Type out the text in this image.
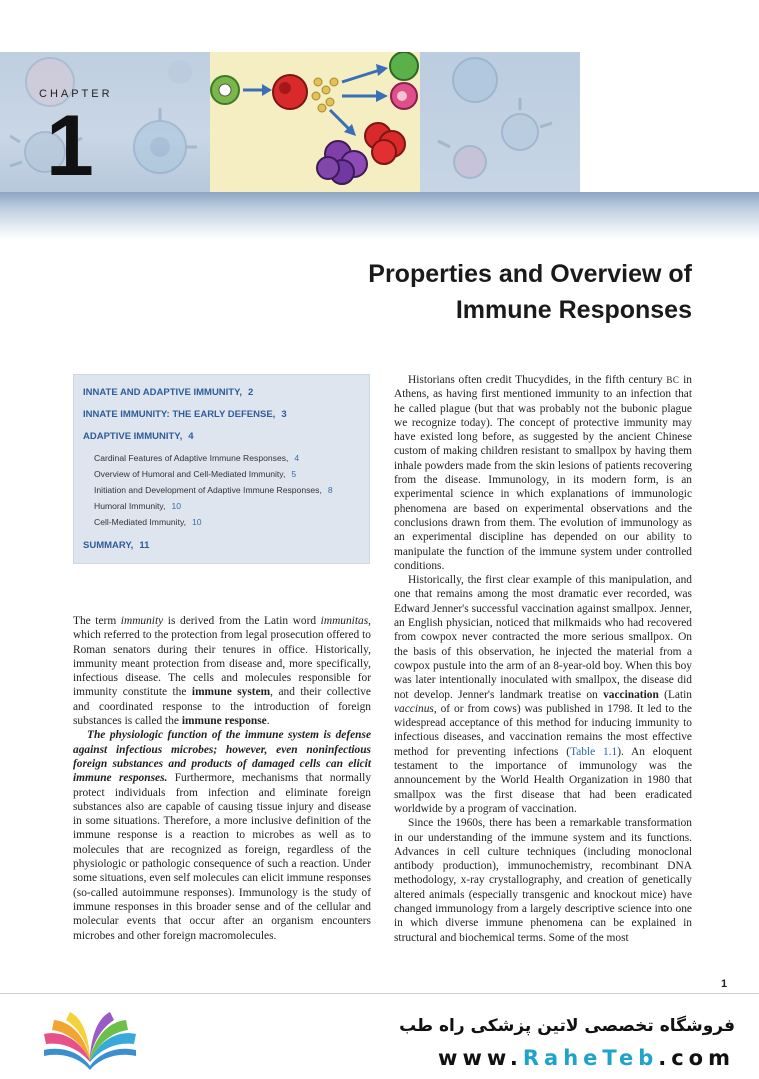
CHAPTER
1
Properties and Overview of
Immune Responses
INNATE AND ADAPTIVE IMMUNITY, 2
INNATE IMMUNITY: THE EARLY DEFENSE, 3
ADAPTIVE IMMUNITY, 4
Cardinal Features of Adaptive Immune Responses, 4
Overview of Humoral and Cell-Mediated Immunity, 5
Initiation and Development of Adaptive Immune Responses, 8
Humoral Immunity, 10
Cell-Mediated Immunity, 10
SUMMARY, 11

The term immunity is derived from the Latin word immunitas, which referred to the protection from legal prosecution offered to Roman senators during their tenures in office. Historically, immunity meant protection from disease and, more specifically, infectious disease. The cells and molecules responsible for immunity constitute the immune system, and their collective and coordinated response to the introduction of foreign substances is called the immune response.

The physiologic function of the immune system is defense against infectious microbes; however, even noninfectious foreign substances and products of damaged cells can elicit immune responses. Furthermore, mechanisms that normally protect individuals from infection and eliminate foreign substances also are capable of causing tissue injury and disease in some situations. Therefore, a more inclusive definition of the immune response is a reaction to microbes as well as to molecules that are recognized as foreign, regardless of the physiologic or pathologic consequence of such a reaction. Under some situations, even self molecules can elicit immune responses (so-called autoimmune responses). Immunology is the study of immune responses in this broader sense and of the cellular and molecular events that occur after an organism encounters microbes and other foreign macromolecules.

Historians often credit Thucydides, in the fifth century BC in Athens, as having first mentioned immunity to an infection that he called plague (but that was probably not the bubonic plague we recognize today). The concept of protective immunity may have existed long before, as suggested by the ancient Chinese custom of making children resistant to smallpox by having them inhale powders made from the skin lesions of patients recovering from the disease. Immunology, in its modern form, is an experimental science in which explanations of immunologic phenomena are based on experimental observations and the conclusions drawn from them. The evolution of immunology as an experimental discipline has depended on our ability to manipulate the function of the immune system under controlled conditions.

Historically, the first clear example of this manipulation, and one that remains among the most dramatic ever recorded, was Edward Jenner's successful vaccination against smallpox. Jenner, an English physician, noticed that milkmaids who had recovered from cowpox never contracted the more serious smallpox. On the basis of this observation, he injected the material from a cowpox pustule into the arm of an 8-year-old boy. When this boy was later intentionally inoculated with smallpox, the disease did not develop. Jenner's landmark treatise on vaccination (Latin vaccinus, of or from cows) was published in 1798. It led to the widespread acceptance of this method for inducing immunity to infectious diseases, and vaccination remains the most effective method for preventing infections (Table 1.1). An eloquent testament to the importance of immunology was the announcement by the World Health Organization in 1980 that smallpox was the first disease that had been eradicated worldwide by a program of vaccination.

Since the 1960s, there has been a remarkable transformation in our understanding of the immune system and its functions. Advances in cell culture techniques (including monoclonal antibody production), immunochemistry, recombinant DNA methodology, x-ray crystallography, and creation of genetically altered animals (especially transgenic and knockout mice) have changed immunology from a largely descriptive science into one in which diverse immune phenomena can be explained in structural and biochemical terms. Some of the most

1
فروشگاه تخصصی لاتین پزشکی راه طب
www.RaheTeb.com
